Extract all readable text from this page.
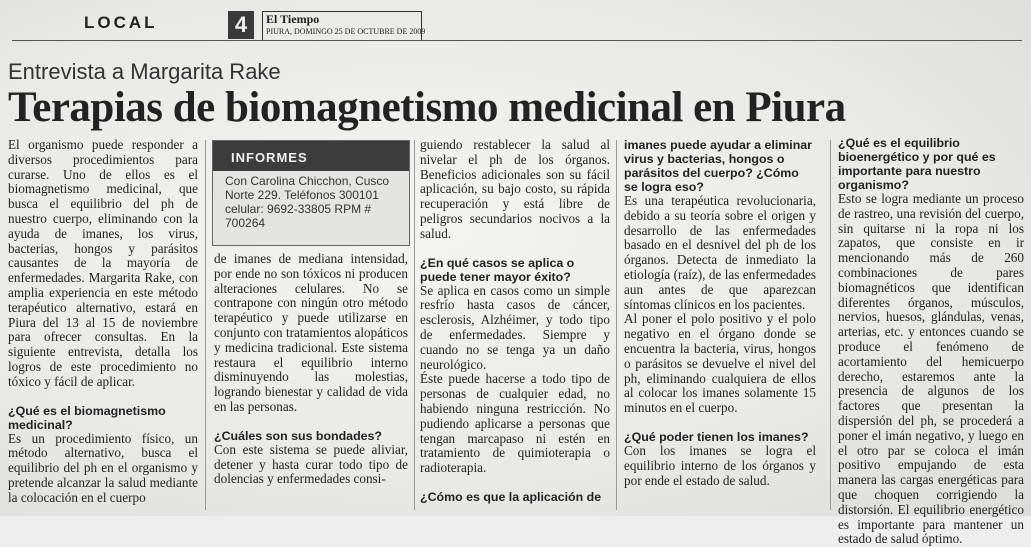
LOCAL	4	El Tiempo
PIURA, DOMINGO 25 DE OCTUBRE DE 2009
Entrevista a Margarita Rake
Terapias de biomagnetismo medicinal en Piura

El organismo puede responder a diversos procedimientos para curarse. Uno de ellos es el biomagnetismo medicinal, que busca el equilibrio del ph de nuestro cuerpo, eliminando con la ayuda de imanes, los virus, bacterias, hongos y parásitos causantes de la mayoría de enfermedades. Margarita Rake, con amplia experiencia en este método terapéutico alternativo, estará en Piura del 13 al 15 de noviembre para ofrecer consultas. En la siguiente entrevista, detalla los logros de este procedimiento no tóxico y fácil de aplicar.

¿Qué es el biomagnetismo medicinal?

Es un procedimiento físico, un método alternativo, busca el equilibrio del ph en el organismo y pretende alcanzar la salud mediante la colocación en el cuerpo

INFORMES
Con Carolina Chicchon, Cusco Norte 229. Teléfonos 300101 celular: 9692-33805 RPM # 700264

de imanes de mediana intensidad, por ende no son tóxicos ni producen alteraciones celulares. No se contrapone con ningún otro método terapéutico y puede utilizarse en conjunto con tratamientos alopáticos y medicina tradicional. Este sistema restaura el equilibrio interno disminuyendo las molestias, logrando bienestar y calidad de vida en las personas.

¿Cuáles son sus bondades?

Con este sistema se puede aliviar, detener y hasta curar todo tipo de dolencias y enfermedades consi-

guiendo restablecer la salud al nivelar el ph de los órganos. Beneficios adicionales son su fácil aplicación, su bajo costo, su rápida recuperación y está libre de peligros secundarios nocivos a la salud.

¿En qué casos se aplica o puede tener mayor éxito?

Se aplica en casos como un simple resfrío hasta casos de cáncer, esclerosis, Alzhéimer, y todo tipo de enfermedades. Siempre y cuando no se tenga ya un daño neurológico.

Éste puede hacerse a todo tipo de personas de cualquier edad, no habiendo ninguna restricción. No pudiendo aplicarse a personas que tengan marcapaso ni estén en tratamiento de quimioterapia o radioterapia.

¿Cómo es que la aplicación de
imanes puede ayudar a eliminar virus y bacterias, hongos o parásitos del cuerpo? ¿Cómo se logra eso?

Es una terapéutica revolucionaria, debido a su teoría sobre el origen y desarrollo de las enfermedades basado en el desnivel del ph de los órganos. Detecta de inmediato la etiología (raíz), de las enfermedades aun antes de que aparezcan síntomas clínicos en los pacientes.

Al poner el polo positivo y el polo negativo en el órgano donde se encuentra la bacteria, virus, hongos o parásitos se devuelve el nivel del ph, eliminando cualquiera de ellos al colocar los imanes solamente 15 minutos en el cuerpo.

¿Qué poder tienen los imanes?

Con los imanes se logra el equilibrio interno de los órganos y por ende el estado de salud.

¿Qué es el equilibrio bioenergético y por qué es importante para nuestro organismo?

Esto se logra mediante un proceso de rastreo, una revisión del cuerpo, sin quitarse ni la ropa ni los zapatos, que consiste en ir mencionando más de 260 combinaciones de pares biomagnéticos que identifican diferentes órganos, músculos, nervios, huesos, glándulas, venas, arterias, etc. y entonces cuando se produce el fenómeno de acortamiento del hemicuerpo derecho, estaremos ante la presencia de algunos de los factores que presentan la dispersión del ph, se procederá a poner el imán negativo, y luego en el otro par se coloca el imán positivo empujando de esta manera las cargas energéticas para que choquen corrigiendo la distorsión. El equilibrio energético es importante para mantener un estado de salud óptimo.
